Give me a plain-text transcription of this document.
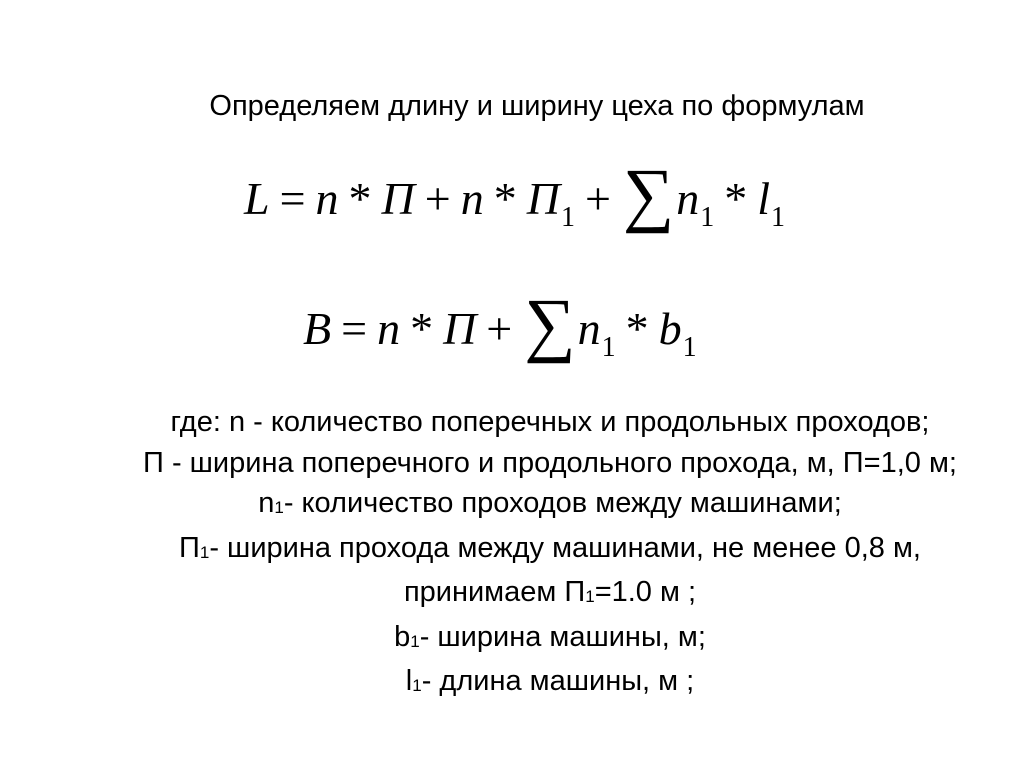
Определяем длину и ширину цеха по формулам
$L = n * П + n * П_1 + \sum n_1 * l_1$
$B = n * П + \sum n_1 * b_1$
где: n - количество поперечных и продольных проходов;
П - ширина поперечного и продольного прохода, м, П=1,0 м;
n1- количество проходов между машинами;
П1- ширина прохода между машинами, не менее 0,8 м,
принимаем П1=1.0 м ;
b1- ширина машины, м;
l1- длина машины, м ;
